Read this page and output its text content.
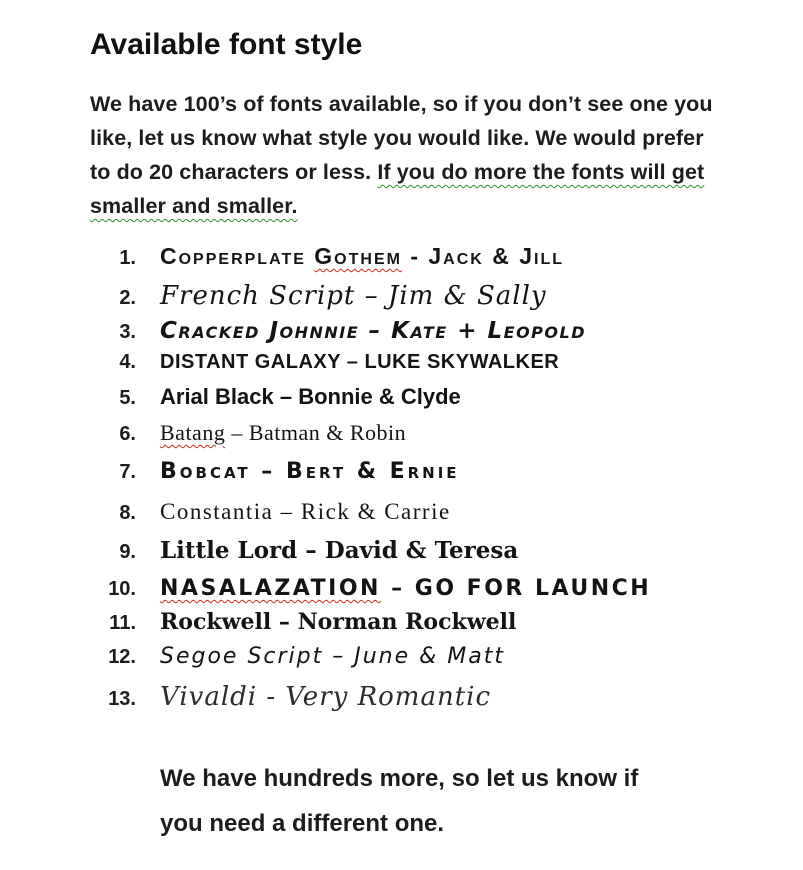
Available font style
We have 100’s of fonts available, so if you don’t see one you
like, let us know what style you would like. We would prefer
to do 20 characters or less. If you do more the fonts will get
smaller and smaller.
1. Copperplate Gothem - Jack & Jill
2. French Script – Jim & Sally
3. Cracked Johnnie – Kate + Leopold
4. DISTANT GALAXY – LUKE SKYWALKER
5. Arial Black – Bonnie & Clyde
6. Batang – Batman & Robin
7. Bobcat – Bert & Ernie
8. Constantia – Rick & Carrie
9. Little Lord – David & Teresa
10. NASALAZATION – GO FOR LAUNCH
11. Rockwell – Norman Rockwell
12. Segoe Script – June & Matt
13. Vivaldi - Very Romantic
We have hundreds more, so let us know if
you need a different one.
